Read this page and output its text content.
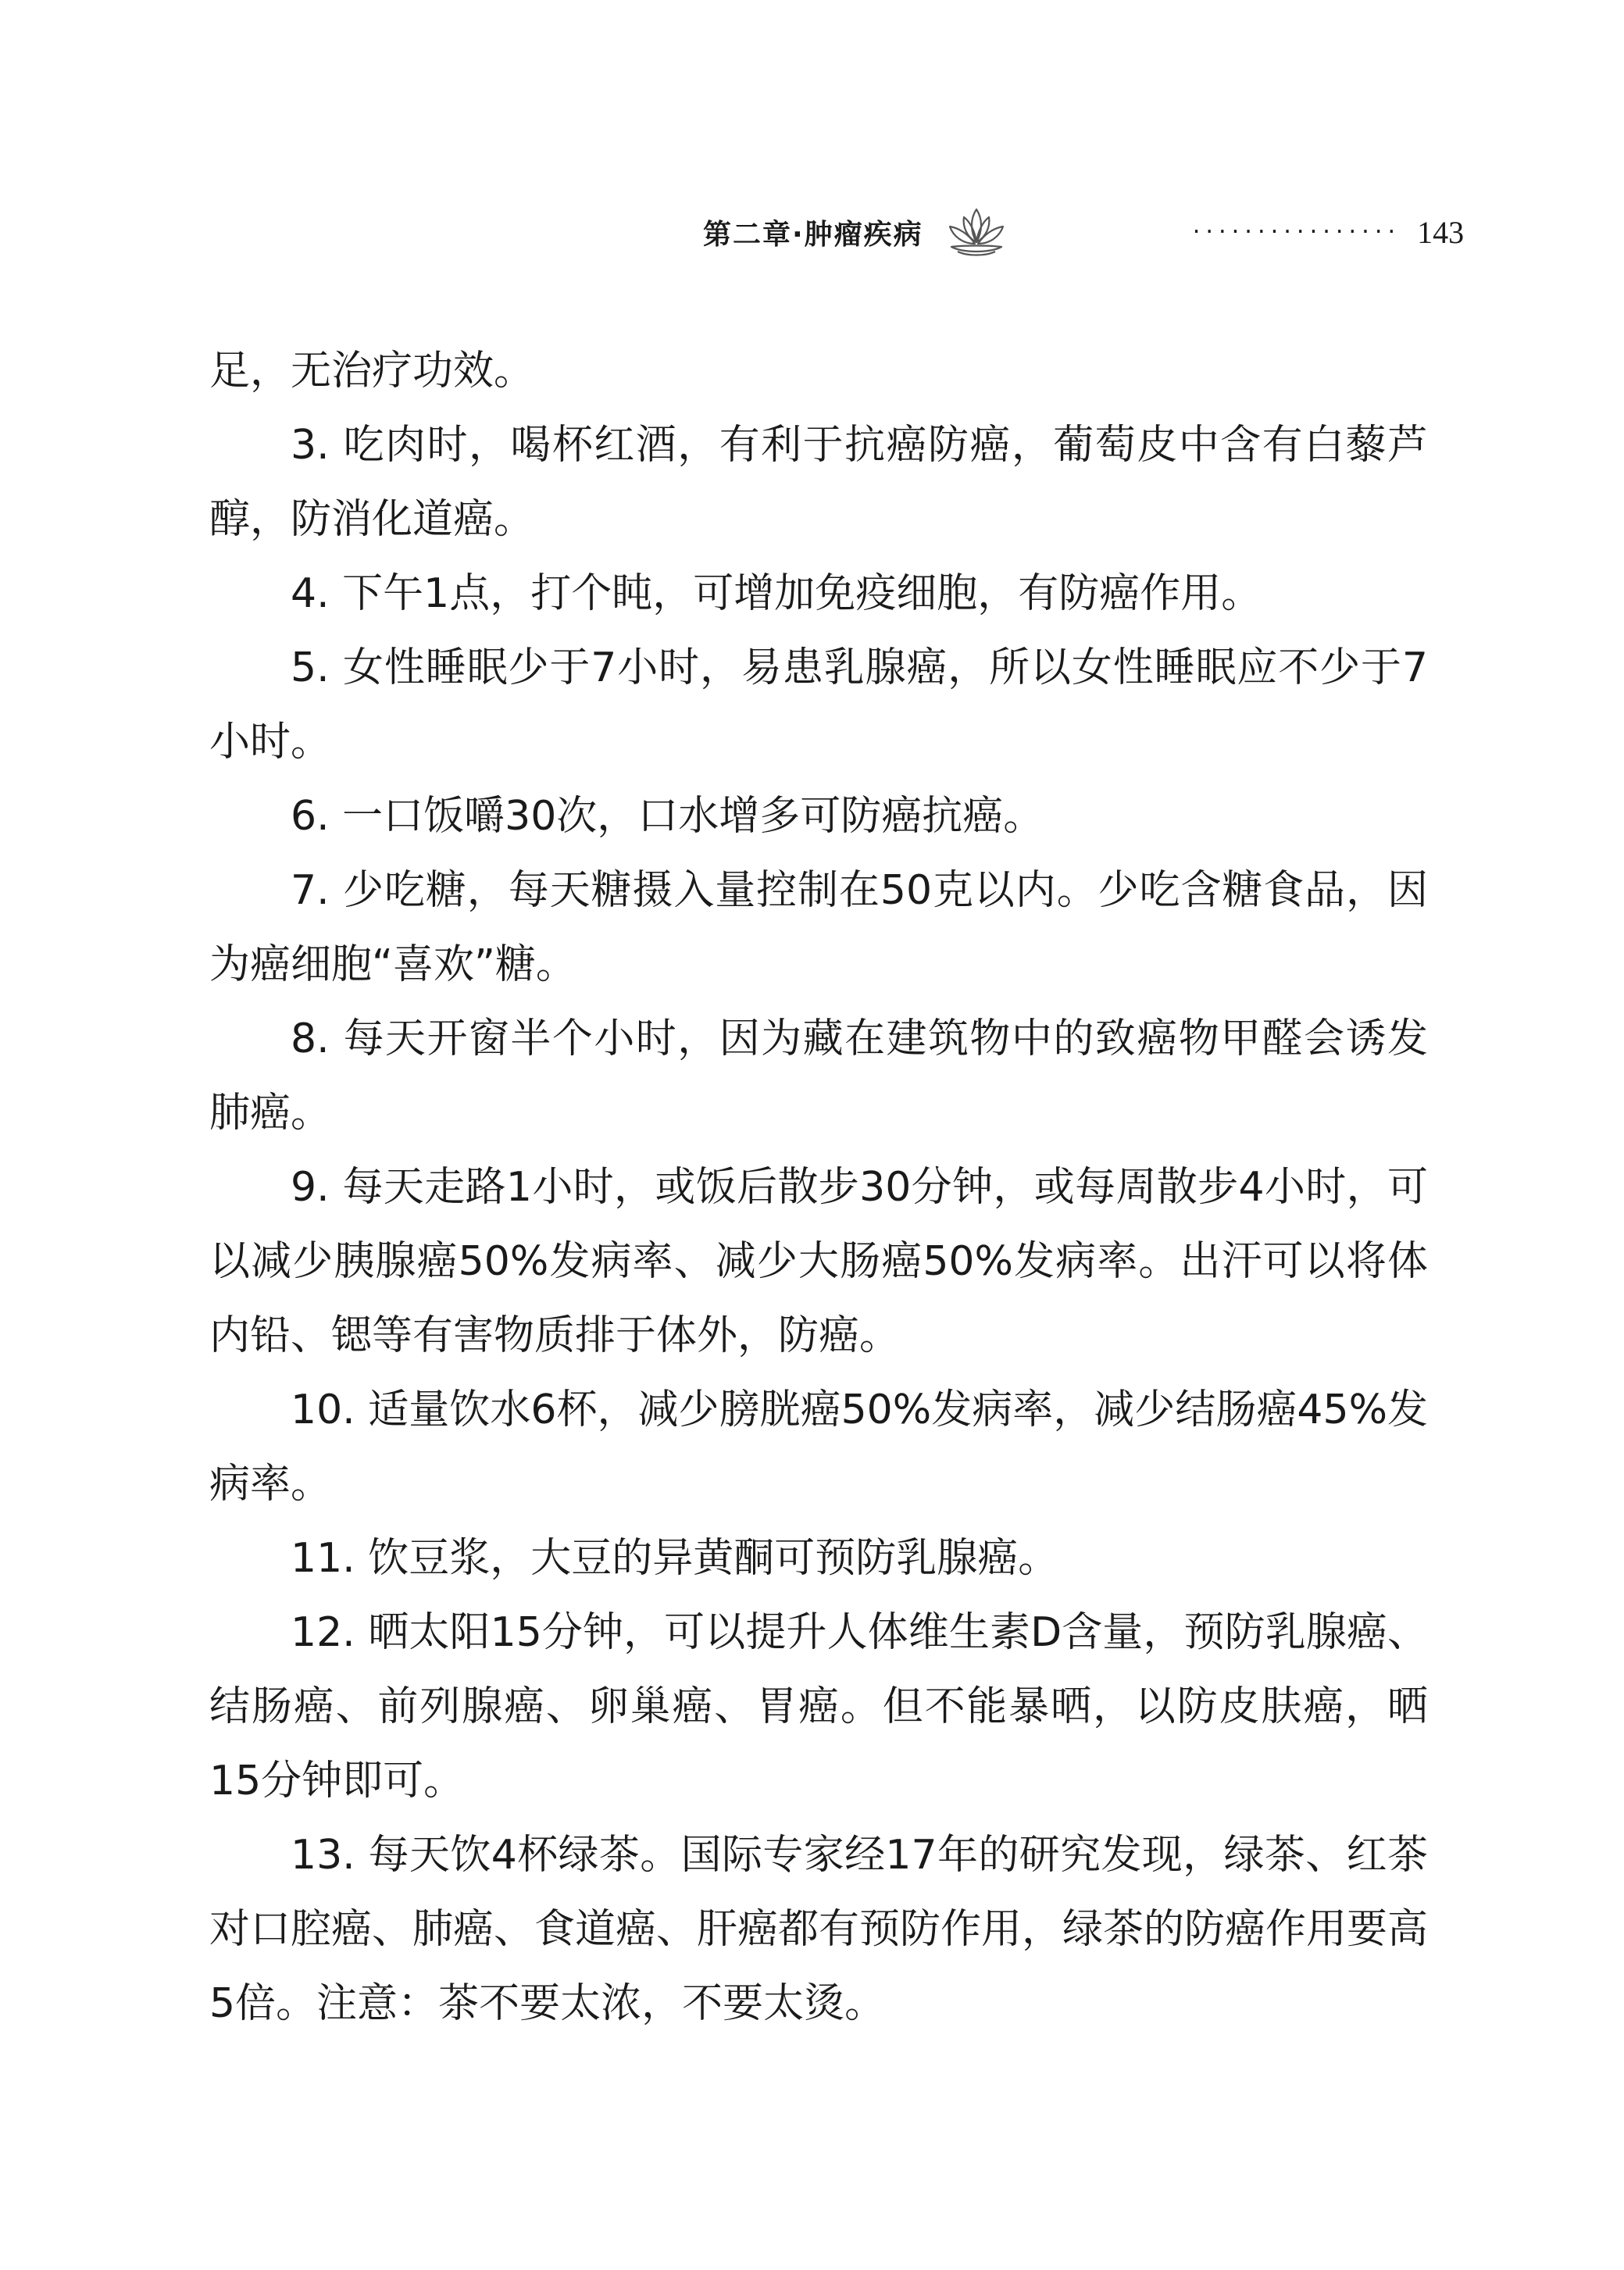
第二章·肿瘤疾病	················ 143

足，无治疗功效。

3. 吃肉时，喝杯红酒，有利于抗癌防癌，葡萄皮中含有白藜芦醇，防消化道癌。

4. 下午1点，打个盹，可增加免疫细胞，有防癌作用。

5. 女性睡眠少于7小时，易患乳腺癌，所以女性睡眠应不少于7小时。

6. 一口饭嚼30次，口水增多可防癌抗癌。

7. 少吃糖，每天糖摄入量控制在50克以内。少吃含糖食品，因为癌细胞“喜欢”糖。

8. 每天开窗半个小时，因为藏在建筑物中的致癌物甲醛会诱发肺癌。

9. 每天走路1小时，或饭后散步30分钟，或每周散步4小时，可以减少胰腺癌50%发病率、减少大肠癌50%发病率。出汗可以将体内铅、锶等有害物质排于体外，防癌。

10. 适量饮水6杯，减少膀胱癌50%发病率，减少结肠癌45%发病率。

11. 饮豆浆，大豆的异黄酮可预防乳腺癌。

12. 晒太阳15分钟，可以提升人体维生素D含量，预防乳腺癌、结肠癌、前列腺癌、卵巢癌、胃癌。但不能暴晒，以防皮肤癌，晒15分钟即可。

13. 每天饮4杯绿茶。国际专家经17年的研究发现，绿茶、红茶对口腔癌、肺癌、食道癌、肝癌都有预防作用，绿茶的防癌作用要高5倍。注意：茶不要太浓，不要太烫。
